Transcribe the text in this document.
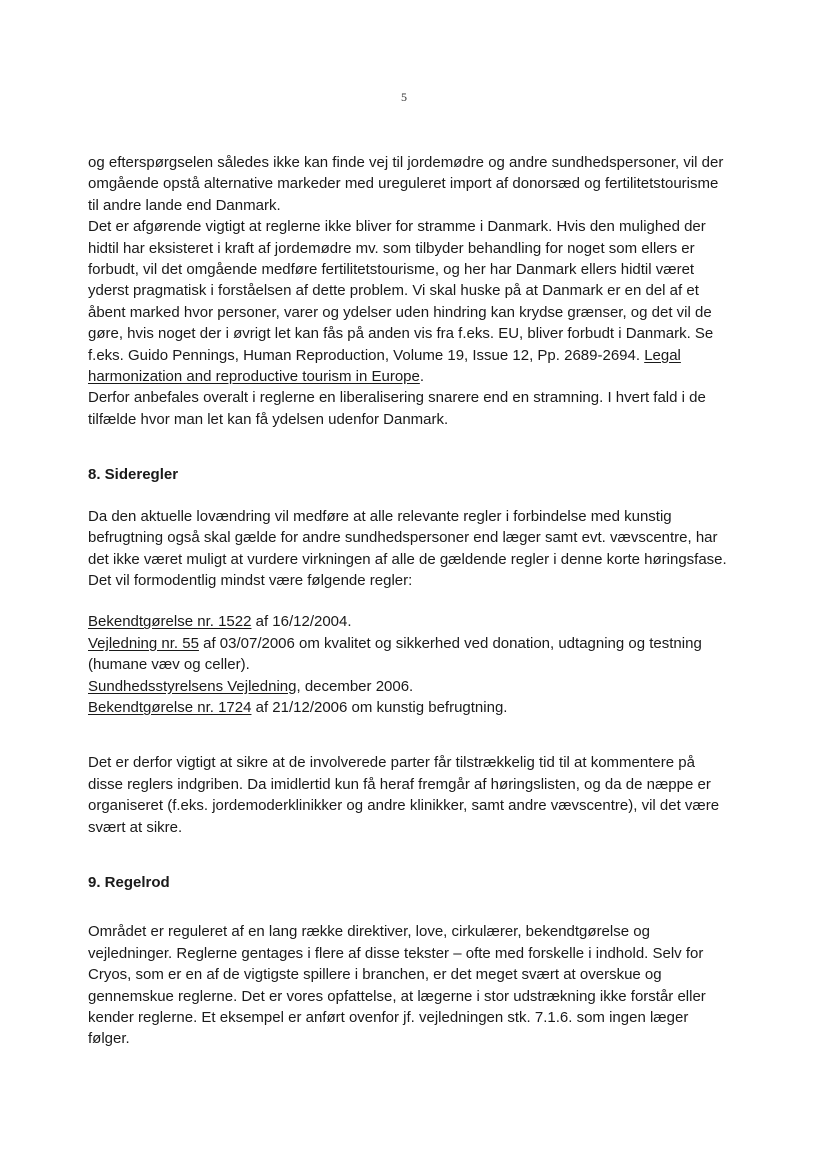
5

og efterspørgselen således ikke kan finde vej til jordemødre og andre sundhedspersoner, vil der omgående opstå alternative markeder med ureguleret import af donorsæd og fertilitetstourisme til andre lande end Danmark.

Det er afgørende vigtigt at reglerne ikke bliver for stramme i Danmark. Hvis den mulighed der hidtil har eksisteret i kraft af jordemødre mv. som tilbyder behandling for noget som ellers er forbudt, vil det omgående medføre fertilitetstourisme, og her har Danmark ellers hidtil været yderst pragmatisk i forståelsen af dette problem. Vi skal huske på at Danmark er en del af et åbent marked hvor personer, varer og ydelser uden hindring kan krydse grænser, og det vil de gøre, hvis noget der i øvrigt let kan fås på anden vis fra f.eks. EU, bliver forbudt i Danmark. Se f.eks. Guido Pennings, Human Reproduction, Volume 19, Issue 12, Pp. 2689-2694. Legal harmonization and reproductive tourism in Europe.

Derfor anbefales overalt i reglerne en liberalisering snarere end en stramning. I hvert fald i de tilfælde hvor man let kan få ydelsen udenfor Danmark.

8. Sideregler

Da den aktuelle lovændring vil medføre at alle relevante regler i forbindelse med kunstig befrugtning også skal gælde for andre sundhedspersoner end læger samt evt. vævscentre, har det ikke været muligt at vurdere virkningen af alle de gældende regler i denne korte høringsfase. Det vil formodentlig mindst være følgende regler:

Bekendtgørelse nr. 1522 af 16/12/2004.

Vejledning nr. 55 af 03/07/2006 om kvalitet og sikkerhed ved donation, udtagning og testning (humane væv og celler).

Sundhedsstyrelsens Vejledning, december 2006.

Bekendtgørelse nr. 1724 af 21/12/2006 om kunstig befrugtning.

Det er derfor vigtigt at sikre at de involverede parter får tilstrækkelig tid til at kommentere på disse reglers indgriben. Da imidlertid kun få heraf fremgår af høringslisten, og da de næppe er organiseret (f.eks. jordemoderklinikker og andre klinikker, samt andre vævscentre), vil det være svært at sikre.

9. Regelrod

Området er reguleret af en lang række direktiver, love, cirkulærer, bekendtgørelse og vejledninger. Reglerne gentages i flere af disse tekster – ofte med forskelle i indhold. Selv for Cryos, som er en af de vigtigste spillere i branchen, er det meget svært at overskue og gennemskue reglerne. Det er vores opfattelse, at lægerne i stor udstrækning ikke forstår eller kender reglerne. Et eksempel er anført ovenfor jf. vejledningen stk. 7.1.6. som ingen læger følger.
